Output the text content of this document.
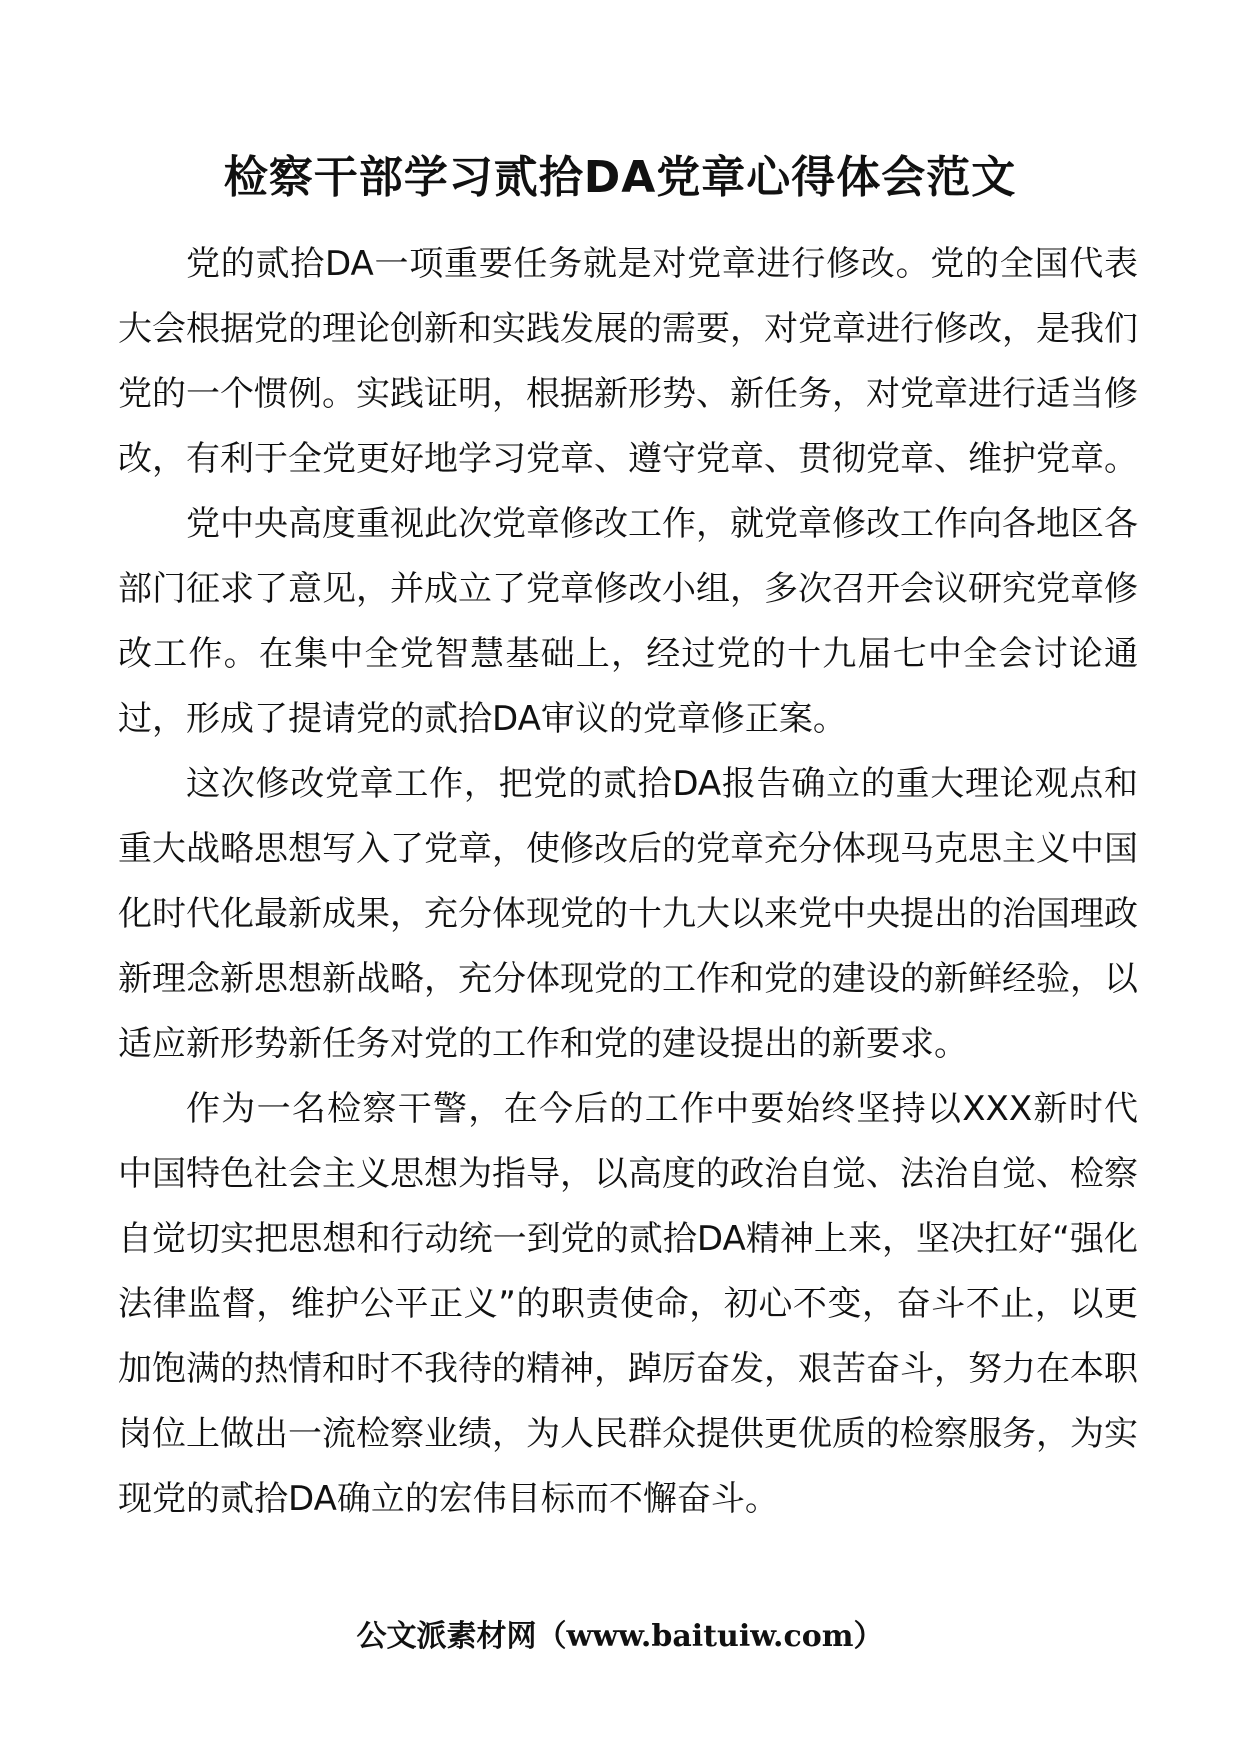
检察干部学习贰拾DA党章心得体会范文

党的贰拾DA一项重要任务就是对党章进行修改。党的全国代表大会根据党的理论创新和实践发展的需要，对党章进行修改，是我们党的一个惯例。实践证明，根据新形势、新任务，对党章进行适当修改，有利于全党更好地学习党章、遵守党章、贯彻党章、维护党章。

党中央高度重视此次党章修改工作，就党章修改工作向各地区各部门征求了意见，并成立了党章修改小组，多次召开会议研究党章修改工作。在集中全党智慧基础上，经过党的十九届七中全会讨论通过，形成了提请党的贰拾DA审议的党章修正案。

这次修改党章工作，把党的贰拾DA报告确立的重大理论观点和重大战略思想写入了党章，使修改后的党章充分体现马克思主义中国化时代化最新成果，充分体现党的十九大以来党中央提出的治国理政新理念新思想新战略，充分体现党的工作和党的建设的新鲜经验，以适应新形势新任务对党的工作和党的建设提出的新要求。

作为一名检察干警，在今后的工作中要始终坚持以XXX新时代中国特色社会主义思想为指导，以高度的政治自觉、法治自觉、检察自觉切实把思想和行动统一到党的贰拾DA精神上来，坚决扛好“强化法律监督，维护公平正义”的职责使命，初心不变，奋斗不止，以更加饱满的热情和时不我待的精神，踔厉奋发，艰苦奋斗，努力在本职岗位上做出一流检察业绩，为人民群众提供更优质的检察服务，为实现党的贰拾DA确立的宏伟目标而不懈奋斗。

公文派素材网（www.baituiw.com）
